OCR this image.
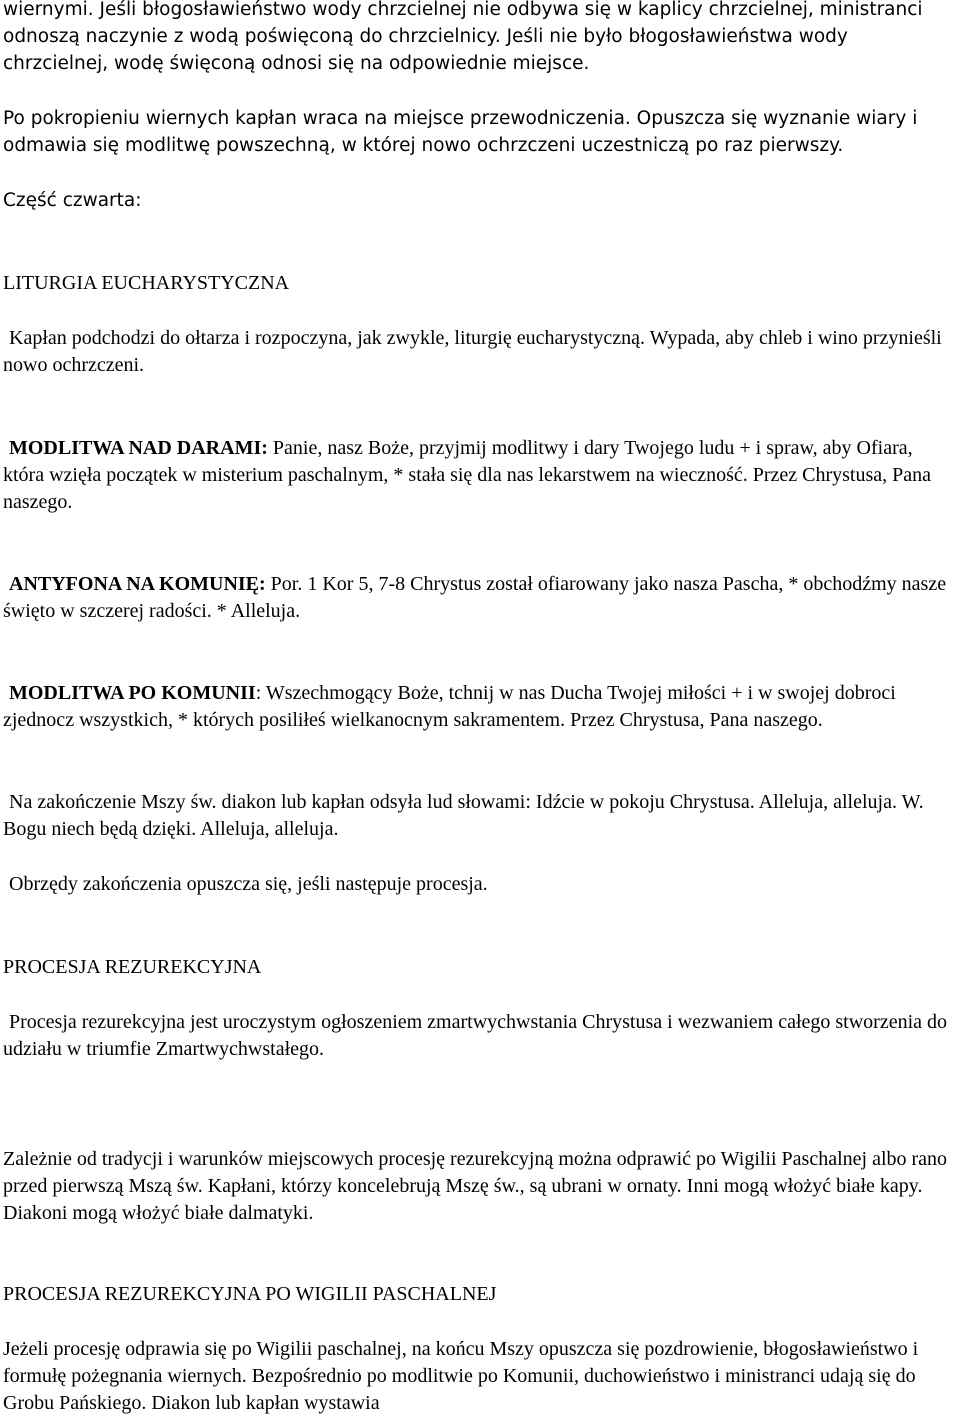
wiernymi. Jeśli błogosławieństwo wody chrzcielnej nie odbywa się w kaplicy chrzcielnej, ministranci odnoszą naczynie z wodą poświęconą do chrzcielnicy. Jeśli nie było błogosławieństwa wody chrzcielnej, wodę święconą odnosi się na odpowiednie miejsce.

Po pokropieniu wiernych kapłan wraca na miejsce przewodniczenia. Opuszcza się wyznanie wiary i odmawia się modlitwę powszechną, w której nowo ochrzczeni uczestniczą po raz pierwszy.

Część czwarta:

LITURGIA EUCHARYSTYCZNA

Kapłan podchodzi do ołtarza i rozpoczyna, jak zwykle, liturgię eucharystyczną. Wypada, aby chleb i wino przynieśli nowo ochrzczeni.

MODLITWA NAD DARAMI: Panie, nasz Boże, przyjmij modlitwy i dary Twojego ludu + i spraw, aby Ofiara, która wzięła początek w misterium paschalnym, * stała się dla nas lekarstwem na wieczność. Przez Chrystusa, Pana naszego.

ANTYFONA NA KOMUNIĘ: Por. 1 Kor 5, 7-8 Chrystus został ofiarowany jako nasza Pascha, * obchodźmy nasze święto w szczerej radości. * Alleluja.

MODLITWA PO KOMUNII: Wszechmogący Boże, tchnij w nas Ducha Twojej miłości + i w swojej dobroci zjednocz wszystkich, * których posiliłeś wielkanocnym sakramentem. Przez Chrystusa, Pana naszego.

Na zakończenie Mszy św. diakon lub kapłan odsyła lud słowami: Idźcie w pokoju Chrystusa. Alleluja, alleluja. W. Bogu niech będą dzięki. Alleluja, alleluja.

Obrzędy zakończenia opuszcza się, jeśli następuje procesja.

PROCESJA REZUREKCYJNA

Procesja rezurekcyjna jest uroczystym ogłoszeniem zmartwychwstania Chrystusa i wezwaniem całego stworzenia do udziału w triumfie Zmartwychwstałego.

Zależnie od tradycji i warunków miejscowych procesję rezurekcyjną można odprawić po Wigilii Paschalnej albo rano przed pierwszą Mszą św. Kapłani, którzy koncelebrują Mszę św., są ubrani w ornaty. Inni mogą włożyć białe kapy. Diakoni mogą włożyć białe dalmatyki.

PROCESJA REZUREKCYJNA PO WIGILII PASCHALNEJ

Jeżeli procesję odprawia się po Wigilii paschalnej, na końcu Mszy opuszcza się pozdrowienie, błogosławieństwo i formułę pożegnania wiernych. Bezpośrednio po modlitwie po Komunii, duchowieństwo i ministranci udają się do Grobu Pańskiego. Diakon lub kapłan wystawia
